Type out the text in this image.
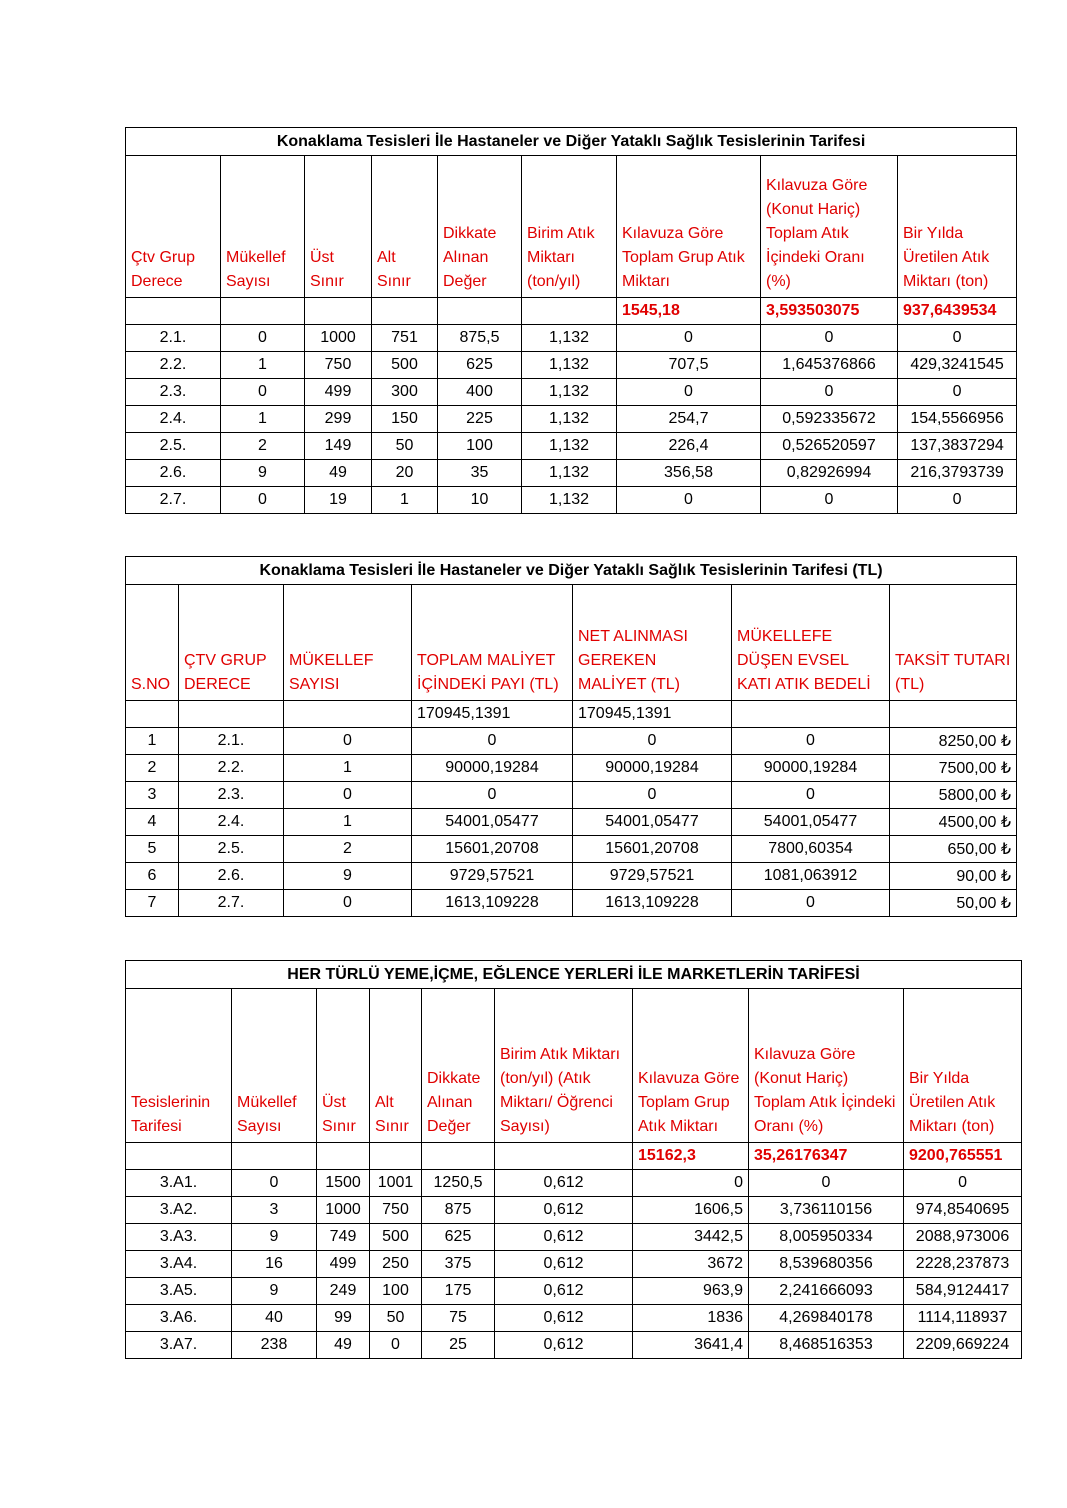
Konaklama Tesisleri İle Hastaneler ve Diğer Yataklı Sağlık Tesislerinin Tarifesi								
Çtv Grup Derece	Mükellef Sayısı	Üst Sınır	Alt Sınır	Dikkate Alınan Değer	Birim Atık Miktarı (ton/yıl)	Kılavuza Göre Toplam Grup Atık Miktarı	Kılavuza Göre (Konut Hariç) Toplam Atık İçindeki Oranı (%)	Bir Yılda Üretilen Atık Miktarı (ton)
						1545,18	3,593503075	937,6439534
2.1.	0	1000	751	875,5	1,132	0	0	0
2.2.	1	750	500	625	1,132	707,5	1,645376866	429,3241545
2.3.	0	499	300	400	1,132	0	0	0
2.4.	1	299	150	225	1,132	254,7	0,592335672	154,5566956
2.5.	2	149	50	100	1,132	226,4	0,526520597	137,3837294
2.6.	9	49	20	35	1,132	356,58	0,82926994	216,3793739
2.7.	0	19	1	10	1,132	0	0	0
Konaklama Tesisleri İle Hastaneler ve Diğer Yataklı Sağlık Tesislerinin Tarifesi (TL)						
S.NO	ÇTV GRUP DERECE	MÜKELLEF SAYISI	TOPLAM MALİYET İÇİNDEKİ PAYI (TL)	NET ALINMASI GEREKEN MALİYET (TL)	MÜKELLEFE DÜŞEN EVSEL KATI ATIK BEDELİ	TAKSİT TUTARI (TL)
			170945,1391	170945,1391		
1	2.1.	0	0	0	0	8250,00 ₺
2	2.2.	1	90000,19284	90000,19284	90000,19284	7500,00 ₺
3	2.3.	0	0	0	0	5800,00 ₺
4	2.4.	1	54001,05477	54001,05477	54001,05477	4500,00 ₺
5	2.5.	2	15601,20708	15601,20708	7800,60354	650,00 ₺
6	2.6.	9	9729,57521	9729,57521	1081,063912	90,00 ₺
7	2.7.	0	1613,109228	1613,109228	0	50,00 ₺
HER TÜRLÜ YEME,İÇME, EĞLENCE YERLERİ İLE MARKETLERİN TARİFESİ								
Tesislerinin Tarifesi	Mükellef Sayısı	Üst Sınır	Alt Sınır	Dikkate Alınan Değer	Birim Atık Miktarı (ton/yıl) (Atık Miktarı/ Öğrenci Sayısı)	Kılavuza Göre Toplam Grup Atık Miktarı	Kılavuza Göre (Konut Hariç) Toplam Atık İçindeki Oranı (%)	Bir Yılda Üretilen Atık Miktarı (ton)
						15162,3	35,26176347	9200,765551
3.A1.	0	1500	1001	1250,5	0,612	0	0	0
3.A2.	3	1000	750	875	0,612	1606,5	3,736110156	974,8540695
3.A3.	9	749	500	625	0,612	3442,5	8,005950334	2088,973006
3.A4.	16	499	250	375	0,612	3672	8,539680356	2228,237873
3.A5.	9	249	100	175	0,612	963,9	2,241666093	584,9124417
3.A6.	40	99	50	75	0,612	1836	4,269840178	1114,118937
3.A7.	238	49	0	25	0,612	3641,4	8,468516353	2209,669224
